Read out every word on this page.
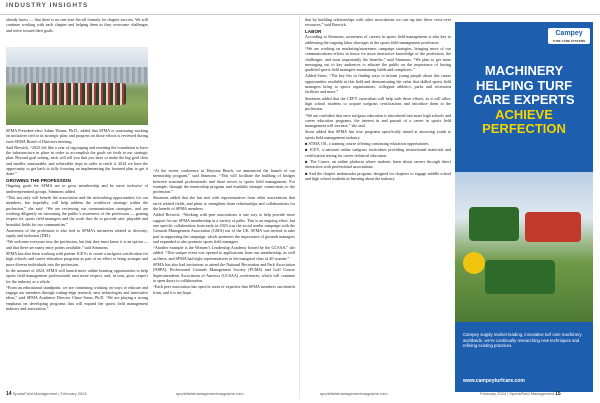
INDUSTRY INSIGHTS

already knew — that there is no one-size-fits-all formula for chapter success. We will continue working with each chapter and helping them as they overcome challenges and strive toward their goals.

SFMA President-elect Adam Thoms, Ph.D., added that SFMA is continuing working on initiatives tied to its strategic plan, and progress on those efforts is reviewed during each SFMA Board of Directors meeting.

Said Brewick, “2025 felt like a year of regrouping and resetting the foundation to have the infrastructure in place in order to accomplish the goals set forth in our strategic plan. Beyond goal setting, each will tell you that you have to make the big goal clear and smaller, measurable, and achievable steps in order to reach it. 2024 we have the opportunity to get back to fully focusing on implementing the featured plan to get it done.”

GROWING THE PROFESSION

Ongoing goals for SFMA are to grow membership and be more inclusive of underrepresented groups, Simmons added.

“This not only will benefit the association and the networking opportunities for our members, but hopefully, will help address the workforce shortage within the profession,” she said. “We are reviewing our communication strategies, and are working diligently on increasing the public’s awareness of the profession — gaining respect for sports field managers and the work they do to provide safe, playable and beautiful fields for our communities.”

Awareness of the profession is also tied to SFMA’s initiatives related to diversity, equity and inclusion (DEI).

“We welcome everyone into the profession, but that they must know it is an option — and that there are many entry points available,” said Simmons.

SFMA has also been working with partner ICEVs to create a turfgrass certification for high schools and career education programs as part of an effort to bring younger and more diverse individuals into the profession.

In the summer of 2024, SFMA will launch more online learning opportunities to help sports field management professionals earn more respect, and, in turn, grow respect for the industry as a whole.

“From an educational standpoint, we are continuing working on ways to educate and engage our members through cutting-edge research, new technologies and innovative ideas,” said SFMA Academic Director Chase Straw, Ph.D. “We are playing a strong emphasis on developing programs that will expand the sports field management industry and association.”

“At the recent conference in Daytona Beach, we announced the launch of our mentorship program,” said Simmons. “This will facilitate the building of bridges between seasoned professionals and those newer to sports field management. For example, through the mentorship program and establish stronger connections to the profession.”

Simmons added that she has met with representatives from other associations that serve related fields, and plans to strengthen those relationships and collaborations for the benefit of SFMA members.

Added Brewick, “Working with peer associations is one way to help provide more support for our SFMA membership in a variety of paths. This is an ongoing effort, but one specific collaboration from early in 2023 was the social media campaign with the Grounds Management Association (GMA) out of the UK. SFMA was invited to take part in supporting the campaign, which promotes the importance of grounds managers and expanded to also promote sports field managers.

“Another example is the Women’s Leadership Academy hosted by the GCSAA,” she added. “This unique event was opened to applications from our membership, as well as theirs, and SFMA had eight representatives in the inaugural class of 40 women.”

SFMA has also had invitations to attend the National Recreation and Park Association (NRPA), Professional Grounds Management Society (PGMS) and Golf Course Superintendents Association of America (GCSAA) conferences, which will continue to open doors to collaboration.

“Each peer association has specific areas of expertise that SFMA members can benefit from, and it is my hope

that by building relationships with other associations we can tap into these cross-over resources,” said Brewick.

LABOR

According to Simmons, awareness of careers in sports field management is also key to addressing the ongoing labor shortages in the sports field management profession.

“We are working on marketing/awareness campaign strategies, bringing more of our communications efforts in house for more interactive knowledge of the profession, the challenges, and most importantly the benefits,” said Simmons. “We plan to get more messaging out to key audiences to educate the public on the importance of having qualified sports field managers maintaining fields and complexes.”

Added Straw, “The key lies in finding ways to inform young people about this career opportunities available in this field and demonstrating the value that skilled sports field managers bring to sports organizations, collegiate athletics, parks and recreation facilities and more.”

Simmons added that the CEFY curriculum will help with these efforts, as it will allow high school students to acquire turfgrass certifications and introduce them to the profession.

“We are confident that once turfgrass education is introduced into more high schools and career education programs, the interest in and pursuit of a career in sports field management will increase,” she said.

Straw added that SFMA has four programs specifically aimed at attracting youth to sports field management industry.

■ STMA 101, a training course offering continuing education opportunities.

■ ICEV, a national online turfgrass curriculum providing instructional materials and certification testing for career technical education.

■ The Career, an online platform where students learn about careers through direct interaction with professional associations.

■ And the chapter ambassador program, designed for chapters to engage middle school and high school students in learning about the industry.

Campey
TURF CARE SYSTEMS
MACHINERY
HELPING TURF
CARE EXPERTS
ACHIEVE
PERFECTION
Campey supply market leading, innovative turf care machinery worldwide, we’re continually researching new techniques and refining existing practices.
www.campeyturfcare.com
14 SportsField Management | February 2024	sportsfieldmanagementmagazine.com	sportsfieldmanagementmagazine.com	February 2024 | SportsField Management 15
